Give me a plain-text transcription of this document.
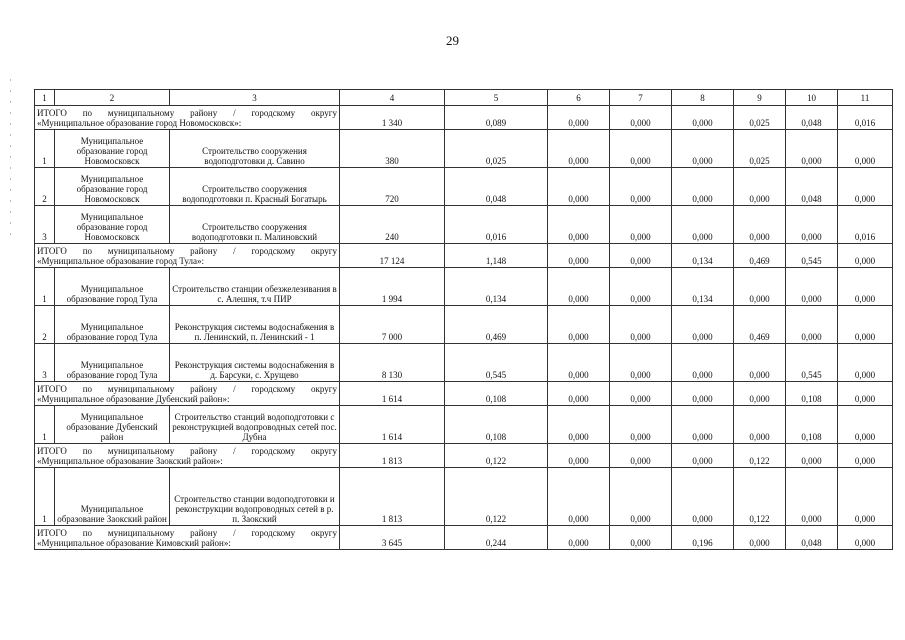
29
1	2	3	4	5	6	7	8	9	10	11
ИТОГО по муниципальному району / городскому округу
«Муниципальное образование город Новомосковск»:			1 340	0,089	0,000	0,000	0,000	0,025	0,048	0,016
1	Муниципальное образование город Новомосковск	Строительство сооружения водоподготовки д. Савино	380	0,025	0,000	0,000	0,000	0,025	0,000	0,000
2	Муниципальное образование город Новомосковск	Строительство сооружения водоподготовки п. Красный Богатырь	720	0,048	0,000	0,000	0,000	0,000	0,048	0,000
3	Муниципальное образование город Новомосковск	Строительство сооружения водоподготовки п. Малиновский	240	0,016	0,000	0,000	0,000	0,000	0,000	0,016
ИТОГО по муниципальному району / городскому округу
«Муниципальное образование город Тула»:			17 124	1,148	0,000	0,000	0,134	0,469	0,545	0,000
1	Муниципальное образование город Тула	Строительство станции обезжелезивания в с. Алешня, т.ч ПИР	1 994	0,134	0,000	0,000	0,134	0,000	0,000	0,000
2	Муниципальное образование город Тула	Реконструкция системы водоснабжения в п. Ленинский, п. Ленинский - 1	7 000	0,469	0,000	0,000	0,000	0,469	0,000	0,000
3	Муниципальное образование город Тула	Реконструкция системы водоснабжения в д. Барсуки, с. Хрущево	8 130	0,545	0,000	0,000	0,000	0,000	0,545	0,000
ИТОГО по муниципальному району / городскому округу
«Муниципальное образование Дубенский район»:			1 614	0,108	0,000	0,000	0,000	0,000	0,108	0,000
1	Муниципальное образование Дубенский район	Строительство станций водоподготовки с реконструкцией водопроводных сетей пос. Дубна	1 614	0,108	0,000	0,000	0,000	0,000	0,108	0,000
ИТОГО по муниципальному району / городскому округу
«Муниципальное образование Заокский район»:			1 813	0,122	0,000	0,000	0,000	0,122	0,000	0,000
1	Муниципальное образование Заокский район	Строительство станции водоподготовки и реконструкции водопроводных сетей в р. п. Заокский	1 813	0,122	0,000	0,000	0,000	0,122	0,000	0,000
ИТОГО по муниципальному району / городскому округу
«Муниципальное образование Кимовский район»:			3 645	0,244	0,000	0,000	0,196	0,000	0,048	0,000
